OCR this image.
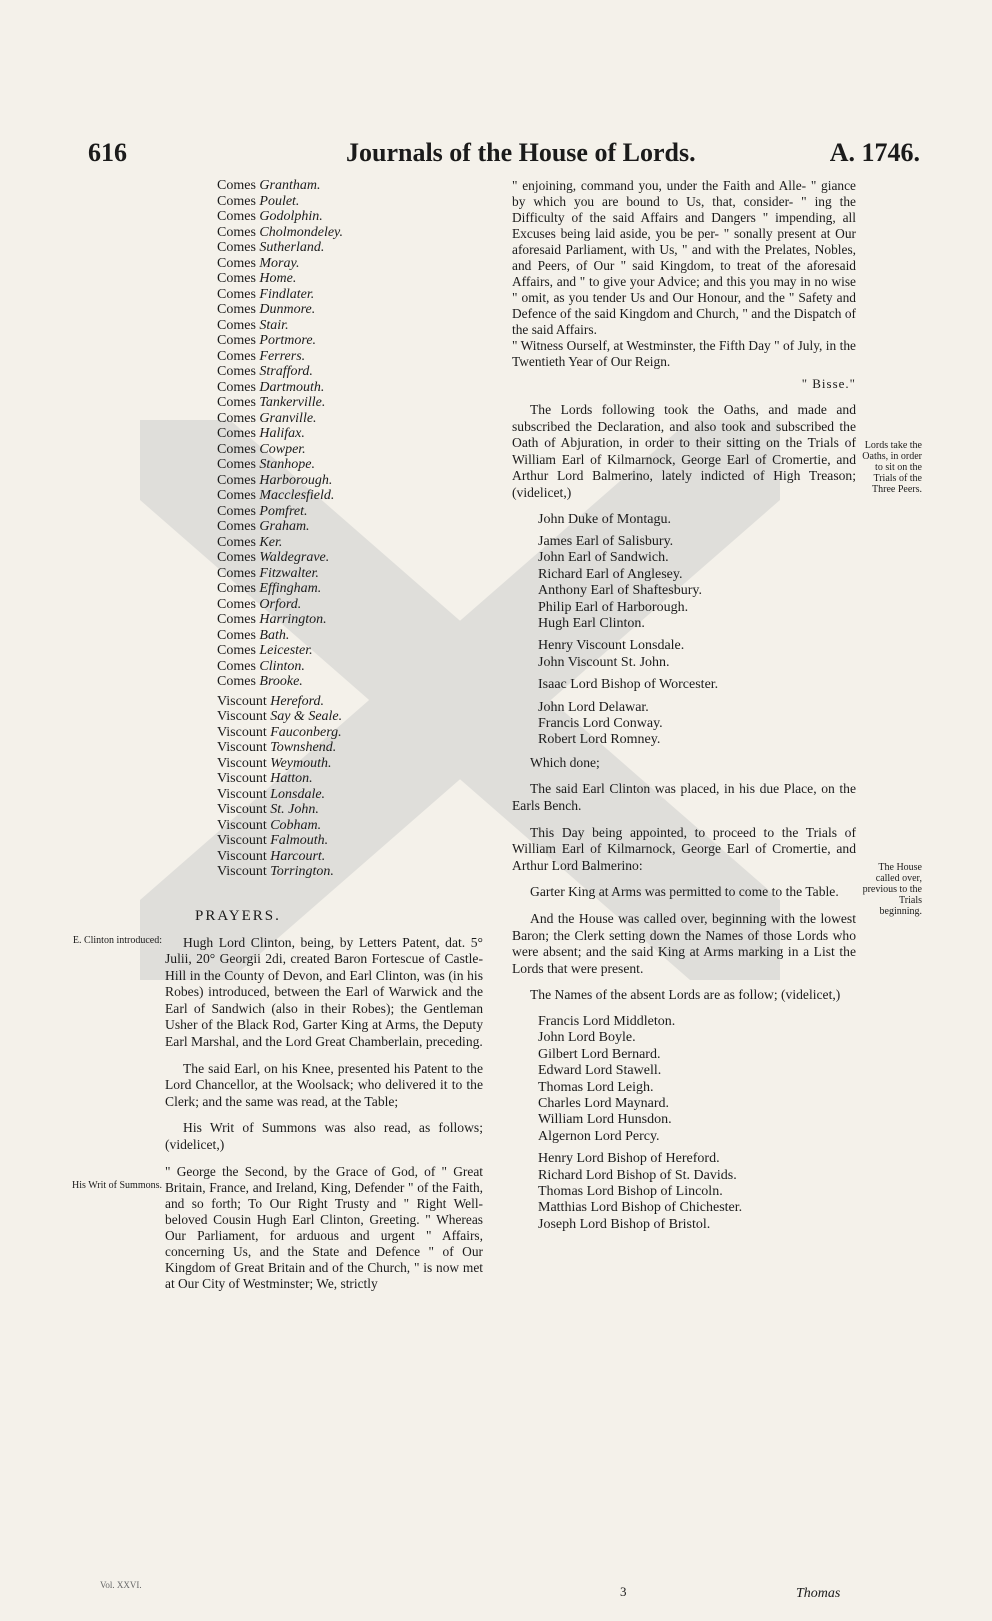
616	Journals of the House of Lords.	A. 1746.
Comes Grantham.
Comes Poulet.
Comes Godolphin.
Comes Cholmondeley.
Comes Sutherland.
Comes Moray.
Comes Home.
Comes Findlater.
Comes Dunmore.
Comes Stair.
Comes Portmore.
Comes Ferrers.
Comes Strafford.
Comes Dartmouth.
Comes Tankerville.
Comes Granville.
Comes Halifax.
Comes Cowper.
Comes Stanhope.
Comes Harborough.
Comes Macclesfield.
Comes Pomfret.
Comes Graham.
Comes Ker.
Comes Waldegrave.
Comes Fitzwalter.
Comes Effingham.
Comes Orford.
Comes Harrington.
Comes Bath.
Comes Leicester.
Comes Clinton.
Comes Brooke.
Viscount Hereford.
Viscount Say & Seale.
Viscount Fauconberg.
Viscount Townshend.
Viscount Weymouth.
Viscount Hatton.
Viscount Lonsdale.
Viscount St. John.
Viscount Cobham.
Viscount Falmouth.
Viscount Harcourt.
Viscount Torrington.
PRAYERS.

Hugh Lord Clinton, being, by Letters Patent, dat. 5° Julii, 20° Georgii 2di, created Baron Fortescue of Castle-Hill in the County of Devon, and Earl Clinton, was (in his Robes) introduced, between the Earl of Warwick and the Earl of Sandwich (also in their Robes); the Gentleman Usher of the Black Rod, Garter King at Arms, the Deputy Earl Marshal, and the Lord Great Chamberlain, preceding.

The said Earl, on his Knee, presented his Patent to the Lord Chancellor, at the Woolsack; who delivered it to the Clerk; and the same was read, at the Table;

His Writ of Summons was also read, as follows; (videlicet,)

" George the Second, by the Grace of God, of " Great Britain, France, and Ireland, King, Defender " of the Faith, and so forth; To Our Right Trusty and " Right Well-beloved Cousin Hugh Earl Clinton, Greeting. " Whereas Our Parliament, for arduous and urgent " Affairs, concerning Us, and the State and Defence " of Our Kingdom of Great Britain and of the Church, " is now met at Our City of Westminster; We, strictly

" enjoining, command you, under the Faith and Alle- " giance by which you are bound to Us, that, consider- " ing the Difficulty of the said Affairs and Dangers " impending, all Excuses being laid aside, you be per- " sonally present at Our aforesaid Parliament, with Us, " and with the Prelates, Nobles, and Peers, of Our " said Kingdom, to treat of the aforesaid Affairs, and " to give your Advice; and this you may in no wise " omit, as you tender Us and Our Honour, and the " Safety and Defence of the said Kingdom and Church, " and the Dispatch of the said Affairs.

" Witness Ourself, at Westminster, the Fifth Day " of July, in the Twentieth Year of Our Reign.

" Bisse."

The Lords following took the Oaths, and made and subscribed the Declaration, and also took and subscribed the Oath of Abjuration, in order to their sitting on the Trials of William Earl of Kilmarnock, George Earl of Cromertie, and Arthur Lord Balmerino, lately indicted of High Treason; (videlicet,)

John Duke of Montagu.
James Earl of Salisbury.
John Earl of Sandwich.
Richard Earl of Anglesey.
Anthony Earl of Shaftesbury.
Philip Earl of Harborough.
Hugh Earl Clinton.
Henry Viscount Lonsdale.
John Viscount St. John.
Isaac Lord Bishop of Worcester.
John Lord Delawar.
Francis Lord Conway.
Robert Lord Romney.

Which done;

The said Earl Clinton was placed, in his due Place, on the Earls Bench.

This Day being appointed, to proceed to the Trials of William Earl of Kilmarnock, George Earl of Cromertie, and Arthur Lord Balmerino:

Garter King at Arms was permitted to come to the Table.

And the House was called over, beginning with the lowest Baron; the Clerk setting down the Names of those Lords who were absent; and the said King at Arms marking in a List the Lords that were present.

The Names of the absent Lords are as follow; (videlicet,)

Francis Lord Middleton.
John Lord Boyle.
Gilbert Lord Bernard.
Edward Lord Stawell.
Thomas Lord Leigh.
Charles Lord Maynard.
William Lord Hunsdon.
Algernon Lord Percy.
Henry Lord Bishop of Hereford.
Richard Lord Bishop of St. Davids.
Thomas Lord Bishop of Lincoln.
Matthias Lord Bishop of Chichester.
Joseph Lord Bishop of Bristol.
E. Clinton introduced:
His Writ of Summons.
Lords take the Oaths, in order to sit on the Trials of the Three Peers.
The House called over, previous to the Trials beginning.
Vol. XXVI.	3	Thomas
